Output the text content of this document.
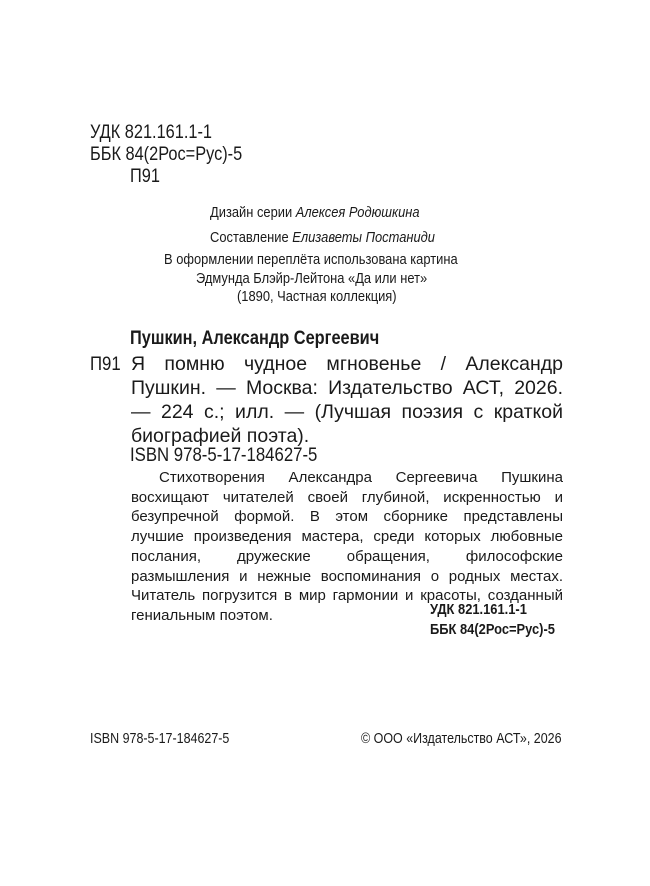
УДК 821.161.1-1
ББК 84(2Рос=Рус)-5
П91
Дизайн серии Алексея Родюшкина
Составление Елизаветы Постаниди
В оформлении переплёта использована картина
Эдмунда Блэйр-Лейтона «Да или нет»
(1890, Частная коллекция)
Пушкин, Александр Сергеевич
П91 Я помню чудное мгновенье / Александр Пушкин. — Москва: Издательство АСТ, 2026. — 224 с.; илл. — (Лучшая поэзия с краткой биографией поэта).
ISBN 978-5-17-184627-5

Стихотворения Александра Сергеевича Пушкина восхищают читателей своей глубиной, искренностью и безупречной формой. В этом сборнике представлены лучшие произведения мастера, среди которых любовные послания, дружеские обращения, философские размышления и нежные воспоминания о родных местах. Читатель погрузится в мир гармонии и красоты, созданный гениальным поэтом.	УДК 821.161.1-1
ББК 84(2Рос=Рус)-5
ISBN 978-5-17-184627-5	© ООО «Издательство АСТ», 2026
